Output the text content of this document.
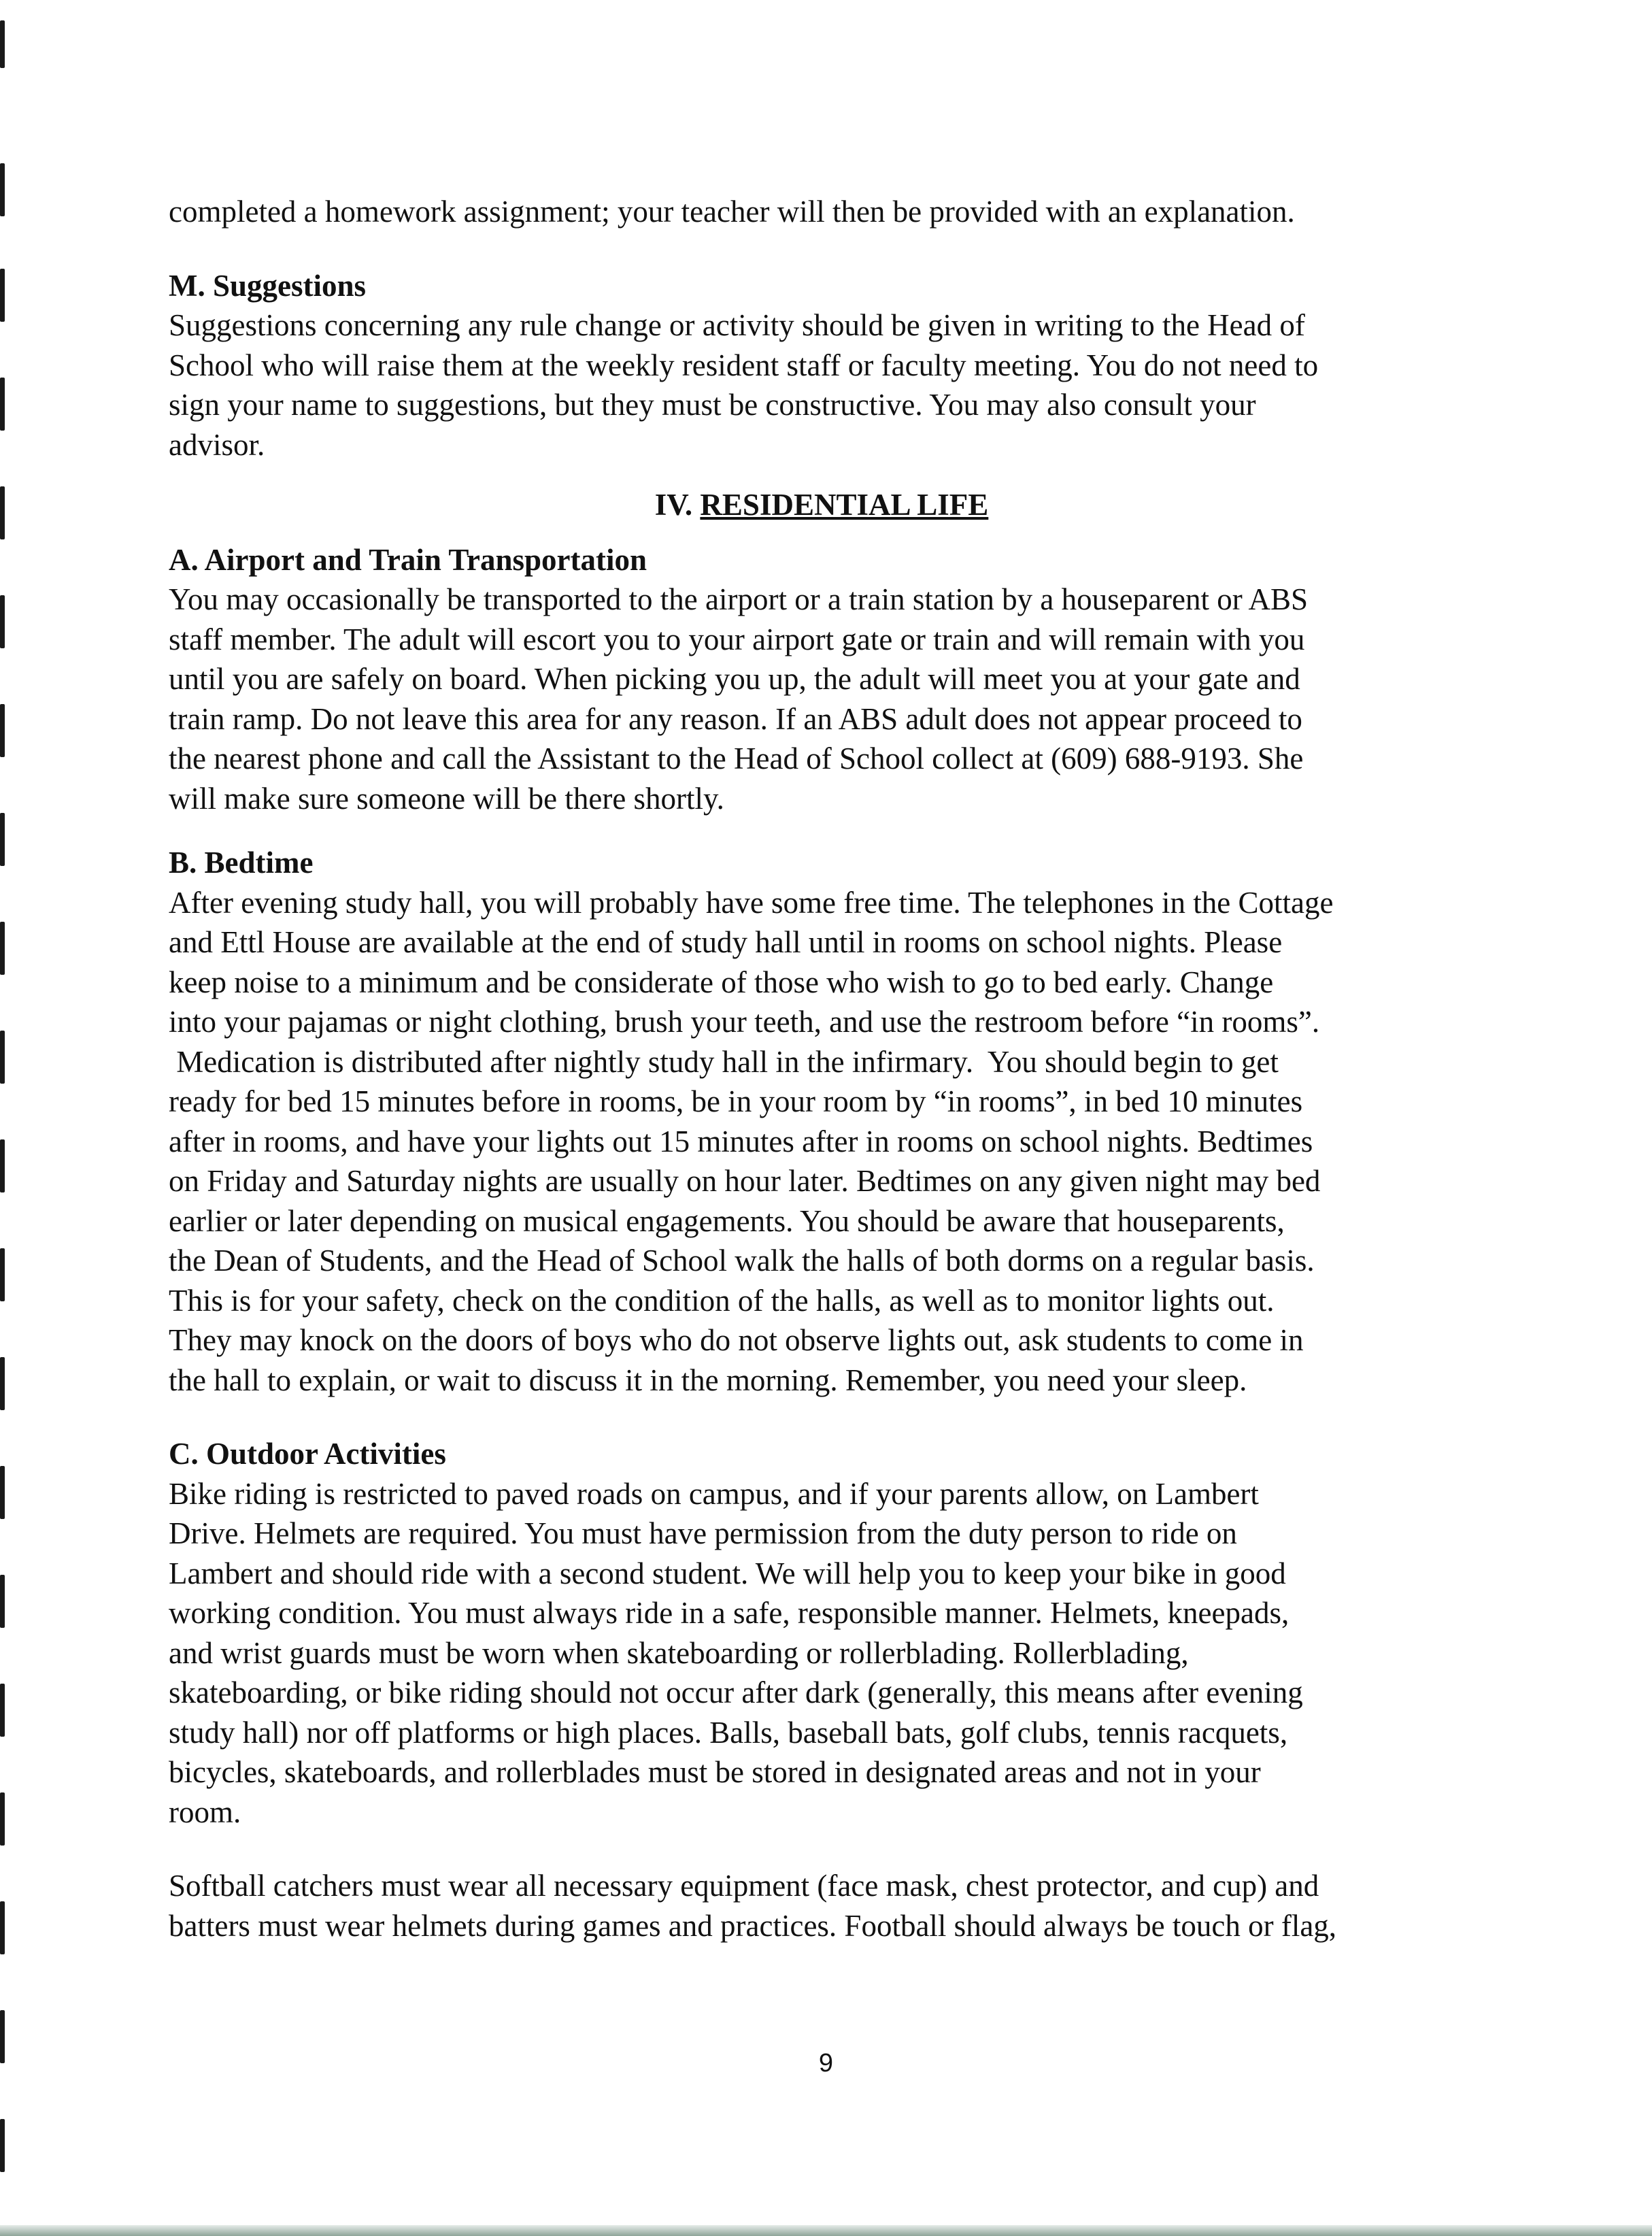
completed a homework assignment; your teacher will then be provided with an explanation.
M. Suggestions
Suggestions concerning any rule change or activity should be given in writing to the Head of
School who will raise them at the weekly resident staff or faculty meeting. You do not need to
sign your name to suggestions, but they must be constructive. You may also consult your
advisor.
IV. RESIDENTIAL LIFE
A. Airport and Train Transportation
You may occasionally be transported to the airport or a train station by a houseparent or ABS
staff member. The adult will escort you to your airport gate or train and will remain with you
until you are safely on board. When picking you up, the adult will meet you at your gate and
train ramp. Do not leave this area for any reason. If an ABS adult does not appear proceed to
the nearest phone and call the Assistant to the Head of School collect at (609) 688-9193. She
will make sure someone will be there shortly.
B. Bedtime
After evening study hall, you will probably have some free time. The telephones in the Cottage
and Ettl House are available at the end of study hall until in rooms on school nights. Please
keep noise to a minimum and be considerate of those who wish to go to bed early. Change
into your pajamas or night clothing, brush your teeth, and use the restroom before “in rooms”.
Medication is distributed after nightly study hall in the infirmary.  You should begin to get
ready for bed 15 minutes before in rooms, be in your room by “in rooms”, in bed 10 minutes
after in rooms, and have your lights out 15 minutes after in rooms on school nights. Bedtimes
on Friday and Saturday nights are usually on hour later. Bedtimes on any given night may bed
earlier or later depending on musical engagements. You should be aware that houseparents,
the Dean of Students, and the Head of School walk the halls of both dorms on a regular basis.
This is for your safety, check on the condition of the halls, as well as to monitor lights out.
They may knock on the doors of boys who do not observe lights out, ask students to come in
the hall to explain, or wait to discuss it in the morning. Remember, you need your sleep.
C. Outdoor Activities
Bike riding is restricted to paved roads on campus, and if your parents allow, on Lambert
Drive. Helmets are required. You must have permission from the duty person to ride on
Lambert and should ride with a second student. We will help you to keep your bike in good
working condition. You must always ride in a safe, responsible manner. Helmets, kneepads,
and wrist guards must be worn when skateboarding or rollerblading. Rollerblading,
skateboarding, or bike riding should not occur after dark (generally, this means after evening
study hall) nor off platforms or high places. Balls, baseball bats, golf clubs, tennis racquets,
bicycles, skateboards, and rollerblades must be stored in designated areas and not in your
room.
Softball catchers must wear all necessary equipment (face mask, chest protector, and cup) and
batters must wear helmets during games and practices. Football should always be touch or flag,
9
